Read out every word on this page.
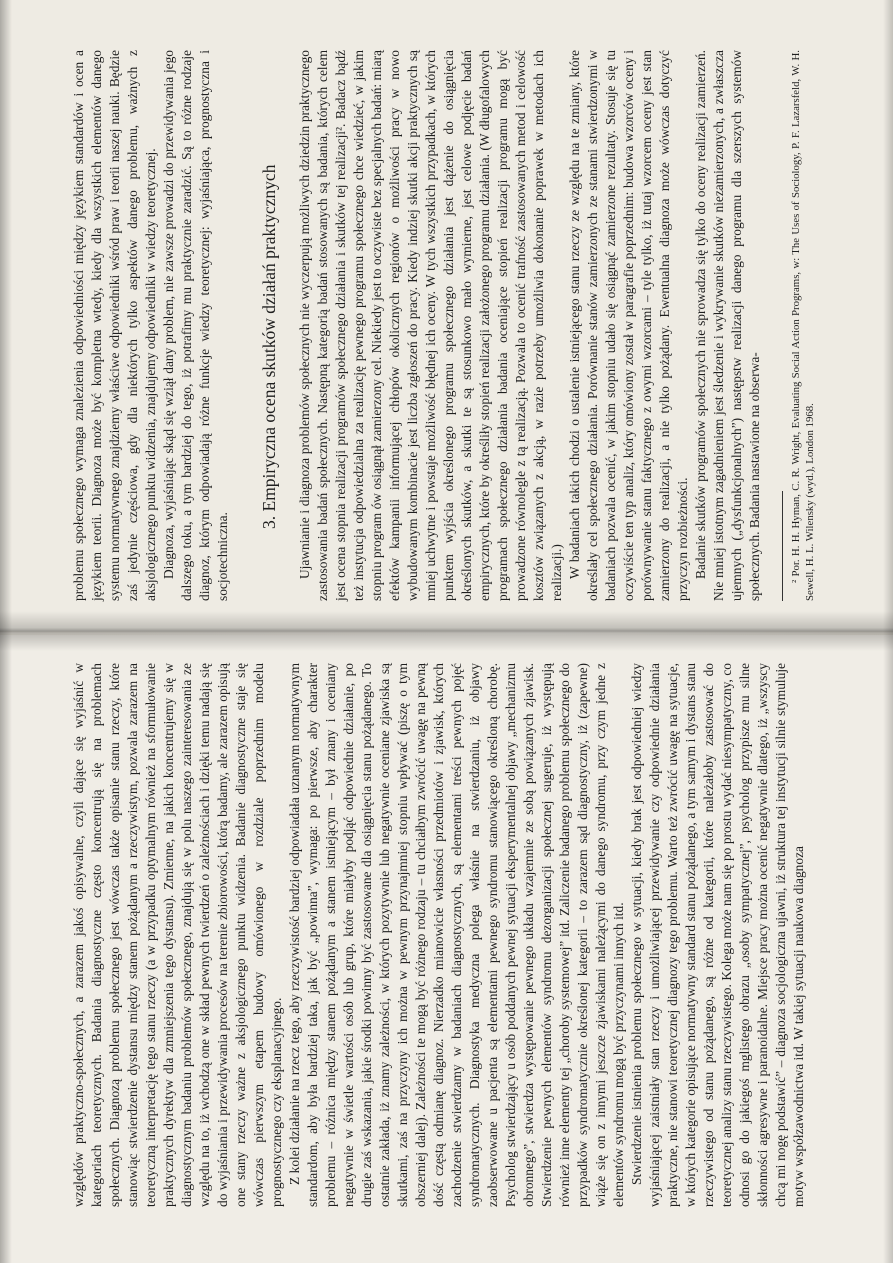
względów praktyczno-społecznych, a zarazem jakoś opisywalne, czyli dające się wyjaśnić w kategoriach teoretycznych. Badania diagnostyczne często koncentrują się na problemach społecznych. Diagnozą problemu społecznego jest wówczas także opisanie stanu rzeczy, które stanowiąc stwierdzenie dystansu między stanem pożądanym a rzeczywistym, pozwala zarazem na teoretyczną interpretację tego stanu rzeczy (a w przypadku optymalnym również na sformułowanie praktycznych dyrektyw dla zmniejszenia tego dystansu). Zmienne, na jakich koncentrujemy się w diagnostycznym badaniu problemów społecznego, znajdują się w polu naszego zainteresowania ze względu na to, iż wchodzą one w skład pewnych twierdzeń o zależnościach i dzięki temu nadają się do wyjaśniania i przewidywania procesów na terenie zbiorowości, którą badamy, ale zarazem opisują one stany rzeczy ważne z aksjologicznego punktu widzenia. Badanie diagnostyczne staje się wówczas pierwszym etapem budowy omówionego w rozdziale poprzednim modelu prognostycznego czy eksplanacyjnego. Z kolei działanie na rzecz tego, aby rzeczywistość bardziej odpowiadała uznanym normatywnym standardom, aby była bardziej taka, jak być „powinna”, wymaga: po pierwsze, aby charakter problemu – różnica między stanem pożądanym a stanem istniejącym – był znany i oceniany negatywnie w świetle wartości osób lub grup, które miałyby podjąć odpowiednie działanie, po drugie zaś wskazania, jakie środki powinny być zastosowane dla osiągnięcia stanu pożądanego. To ostatnie zakłada, iż znamy zależności, w których pozytywnie lub negatywnie oceniane zjawiska są skutkami, zaś na przyczyny ich można w pewnym przynajmniej stopniu wpływać (piszę o tym obszerniej dalej). Zależności te mogą być różnego rodzaju – tu chciałbym zwrócić uwagę na pewną dość częstą odmianę diagnoz. Nierzadko mianowicie własności przedmiotów i zjawisk, których zachodzenie stwierdzamy w badaniach diagnostycznych, są elementami treści pewnych pojęć syndromatycznych. Diagnostyka medyczna polega właśnie na stwierdzaniu, iż objawy zaobserwowane u pacjenta są elementami pewnego syndromu stanowiącego określoną chorobę. Psycholog stwierdzający u osób poddanych pewnej sytuacji eksperymentalnej objawy „mechanizmu obronnego”, stwierdza występowanie pewnego układu wzajemnie ze sobą powiązanych zjawisk. Stwierdzenie pewnych elementów syndromu dezorganizacji społecznej sugeruje, iż występują również inne elementy tej „choroby systemowej” itd. Zaliczenie badanego problemu społecznego do przypadków syndromatycznie określonej kategorii – to zarazem sąd diagnostyczny, iż (zapewne) wiąże się on z innymi jeszcze zjawiskami należącymi do danego syndromu, przy czym jedne z elementów syndromu mogą być przyczynami innych itd. Stwierdzenie istnienia problemu społecznego w sytuacji, kiedy brak jest odpowiedniej wiedzy wyjaśniającej zaistniały stan rzeczy i umożliwiającej przewidywanie czy odpowiednie działania praktyczne, nie stanowi teoretycznej diagnozy tego problemu. Warto też zwrócić uwagę na sytuacje, w których kategorie opisujące normatywny standard stanu pożądanego, a tym samym i dystans stanu rzeczywistego od stanu pożądanego, są różne od kategorii, które należałoby zastosować do teoretycznej analizy stanu rzeczywistego. Kolega może nam się po prostu wydać niesympatyczny, co odnosi go do jakiegoś mglistego obrazu „osoby sympatycznej”, psycholog przypisze mu silne skłonności agresywne i paranoidalne. Miejsce pracy można ocenić negatywnie dlatego, iż „wszyscy chcą mi nogę podstawić” – diagnoza socjologiczna ujawni, iż struktura tej instytucji silnie stymuluje motyw współzawodnictwa itd. W takiej sytuacji naukowa diagnoza

problemu społecznego wymaga znalezienia odpowiedniości między językiem standardów i ocen a językiem teorii. Diagnoza może być kompletna wtedy, kiedy dla wszystkich elementów danego systemu normatywnego znajdziemy właściwe odpowiedniki wśród praw i teorii naszej nauki. Będzie zaś jedynie częściowa, gdy dla niektórych tylko aspektów danego problemu, ważnych z aksjologicznego punktu widzenia, znajdujemy odpowiedniki w wiedzy teoretycznej. Diagnoza, wyjaśniając skąd się wziął dany problem, nie zawsze prowadzi do przewidywania jego dalszego toku, a tym bardziej do tego, iż potrafimy mu praktycznie zaradzić. Są to różne rodzaje diagnoz, którym odpowiadają różne funkcje wiedzy teoretycznej: wyjaśniająca, prognostyczna i socjotechniczna.

3. Empiryczna ocena skutków działań praktycznych Ujawnianie i diagnoza problemów społecznych nie wyczerpują możliwych dziedzin praktycznego zastosowania badań społecznych. Następną kategorią badań stosowanych są badania, których celem jest ocena stopnia realizacji programów społecznego działania i skutków tej realizacji². Badacz bądź też instytucja odpowiedzialna za realizację pewnego programu społecznego chce wiedzieć, w jakim stopniu program ów osiągnął zamierzony cel. Niekiedy jest to oczywiste bez specjalnych badań: miarą efektów kampanii informującej chłopów okolicznych regionów o możliwości pracy w nowo wybudowanym kombinacie jest liczba zgłoszeń do pracy. Kiedy indziej skutki akcji praktycznych są mniej uchwytne i powstaje możliwość błędnej ich oceny. W tych wszystkich przypadkach, w których punktem wyjścia określonego programu społecznego działania jest dążenie do osiągnięcia określonych skutków, a skutki te są stosunkowo mało wymierne, jest celowe podjęcie badań empirycznych, które by określiły stopień realizacji założonego programu działania. (W długofalowych programach społecznego działania badania oceniające stopień realizacji programu mogą być prowadzone równolegle z tą realizacją. Pozwala to ocenić trafność zastosowanych metod i celowość kosztów związanych z akcją, w razie potrzeby umożliwia dokonanie poprawek w metodach ich realizacji.) W badaniach takich chodzi o ustalenie istniejącego stanu rzeczy ze względu na te zmiany, które określały cel społecznego działania. Porównanie stanów zamierzonych ze stanami stwierdzonymi w badaniach pozwala ocenić, w jakim stopniu udało się osiągnąć zamierzone rezultaty. Stosuje się tu oczywiście ten typ analiz, który omówiony został w paragrafie poprzednim: budowa wzorców oceny i porównywanie stanu faktycznego z owymi wzorcami – tyle tylko, iż tutaj wzorcem oceny jest stan zamierzony do realizacji, a nie tylko pożądany. Ewentualna diagnoza może wówczas dotyczyć przyczyn rozbieżności. Badanie skutków programów społecznych nie sprowadza się tylko do oceny realizacji zamierzeń. Nie mniej istotnym zagadnieniem jest śledzenie i wykrywanie skutków niezamierzonych, a zwłaszcza ujemnych („dysfunkcjonalnych”) następstw realizacji danego programu dla szerszych systemów społecznych. Badania nastawione na obserwa-	² Por. H. H. Hyman, C. R. Wright, Evaluating Social Action Programs, w: The Uses of Sociology, P. F. Lazarsfeld, W. H. Sewell, H. L. Wilensky (wyd.), London 1968.
